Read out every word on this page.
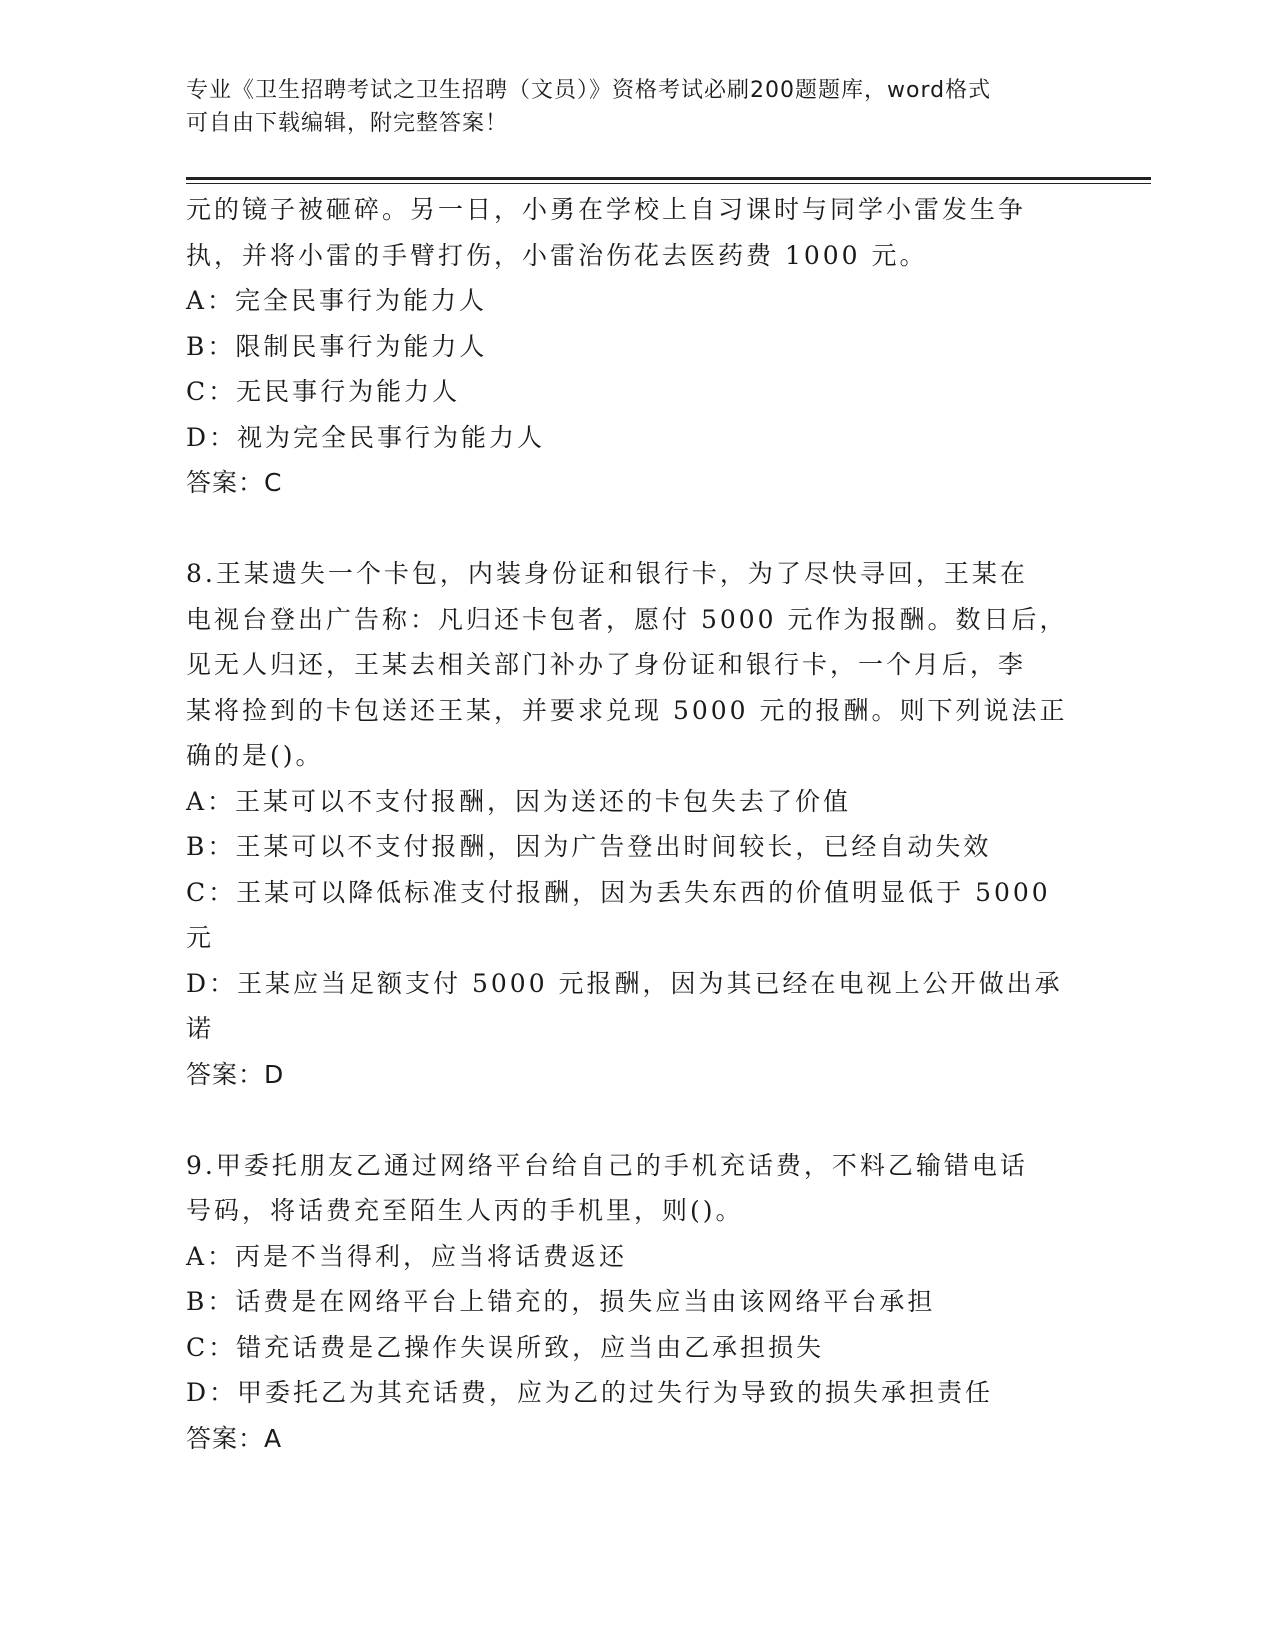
专业《卫生招聘考试之卫生招聘（文员）》资格考试必刷200题题库，word格式
可自由下载编辑，附完整答案！
元的镜子被砸碎。另一日，小勇在学校上自习课时与同学小雷发生争
执，并将小雷的手臂打伤，小雷治伤花去医药费 1000 元。
A：完全民事行为能力人
B：限制民事行为能力人
C：无民事行为能力人
D：视为完全民事行为能力人
答案：C
8.王某遗失一个卡包，内装身份证和银行卡，为了尽快寻回，王某在
电视台登出广告称：凡归还卡包者，愿付 5000 元作为报酬。数日后，
见无人归还，王某去相关部门补办了身份证和银行卡，一个月后，李
某将捡到的卡包送还王某，并要求兑现 5000 元的报酬。则下列说法正
确的是()。
A：王某可以不支付报酬，因为送还的卡包失去了价值
B：王某可以不支付报酬，因为广告登出时间较长，已经自动失效
C：王某可以降低标准支付报酬，因为丢失东西的价值明显低于 5000
元
D：王某应当足额支付 5000 元报酬，因为其已经在电视上公开做出承
诺
答案：D
9.甲委托朋友乙通过网络平台给自己的手机充话费，不料乙输错电话
号码，将话费充至陌生人丙的手机里，则()。
A：丙是不当得利，应当将话费返还
B：话费是在网络平台上错充的，损失应当由该网络平台承担
C：错充话费是乙操作失误所致，应当由乙承担损失
D：甲委托乙为其充话费，应为乙的过失行为导致的损失承担责任
答案：A
